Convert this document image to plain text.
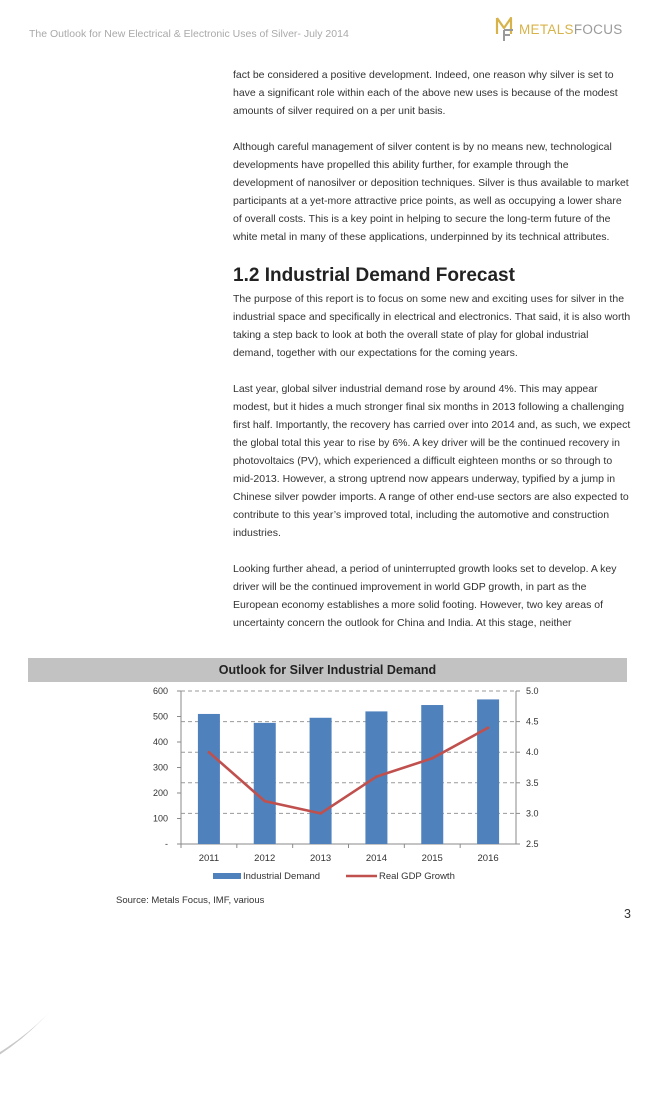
The Outlook for New Electrical & Electronic Uses of Silver- July 2014	METALS FOCUS

fact be considered a positive development. Indeed, one reason why silver is set to have a significant role within each of the above new uses is because of the modest amounts of silver required on a per unit basis.

Although careful management of silver content is by no means new, technological developments have propelled this ability further, for example through the development of nanosilver or deposition techniques. Silver is thus available to market participants at a yet-more attractive price points, as well as occupying a lower share of overall costs. This is a key point in helping to secure the long-term future of the white metal in many of these applications, underpinned by its technical attributes.

1.2 Industrial Demand Forecast

The purpose of this report is to focus on some new and exciting uses for silver in the industrial space and specifically in electrical and electronics. That said, it is also worth taking a step back to look at both the overall state of play for global industrial demand, together with our expectations for the coming years.

Last year, global silver industrial demand rose by around 4%. This may appear modest, but it hides a much stronger final six months in 2013 following a challenging first half. Importantly, the recovery has carried over into 2014 and, as such, we expect the global total this year to rise by 6%. A key driver will be the continued recovery in photovoltaics (PV), which experienced a difficult eighteen months or so through to mid-2013. However, a strong uptrend now appears underway, typified by a jump in Chinese silver powder imports. A range of other end-use sectors are also expected to contribute to this year’s improved total, including the automotive and construction industries.

Looking further ahead, a period of uninterrupted growth looks set to develop. A key driver will be the continued improvement in world GDP growth, in part as the European economy establishes a more solid footing. However, two key areas of uncertainty concern the outlook for China and India. At this stage, neither

Outlook for Silver Industrial Demand
-
100
200
300
400
500
600
2.5
3.0
3.5
4.0
4.5
5.0
2011	2012	2013	2014	2015	2016
Industrial Demand	Real GDP Growth
Source: Metals Focus, IMF, various
3
